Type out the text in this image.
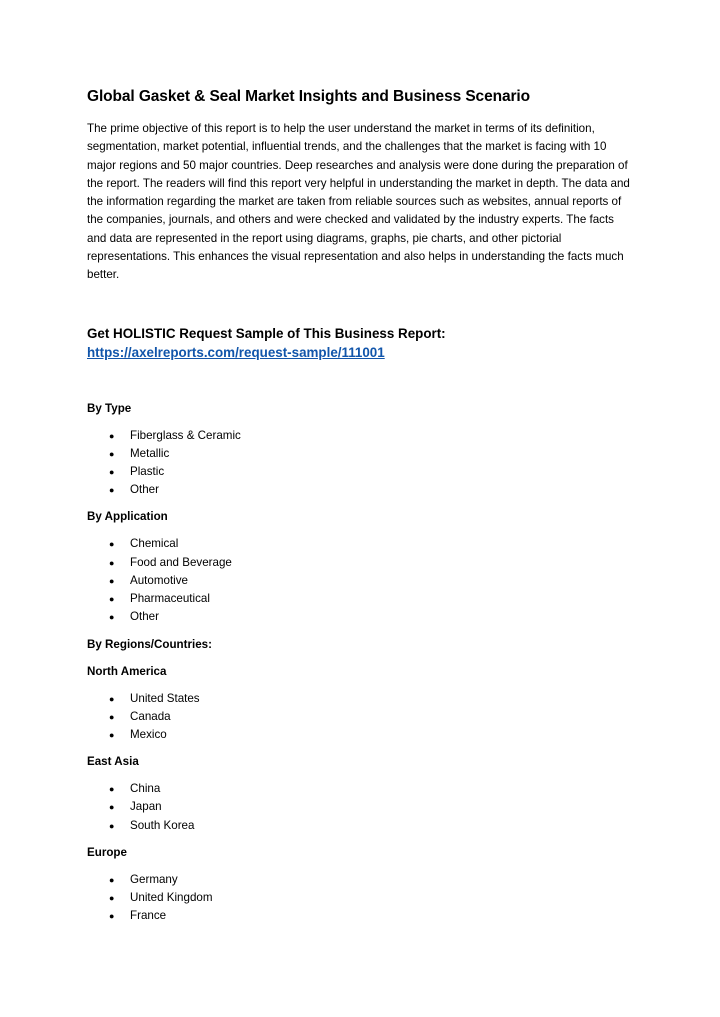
Global Gasket & Seal Market Insights and Business Scenario

The prime objective of this report is to help the user understand the market in terms of its definition, segmentation, market potential, influential trends, and the challenges that the market is facing with 10 major regions and 50 major countries. Deep researches and analysis were done during the preparation of the report. The readers will find this report very helpful in understanding the market in depth. The data and the information regarding the market are taken from reliable sources such as websites, annual reports of the companies, journals, and others and were checked and validated by the industry experts. The facts and data are represented in the report using diagrams, graphs, pie charts, and other pictorial representations. This enhances the visual representation and also helps in understanding the facts much better.

Get HOLISTIC Request Sample of This Business Report:
https://axelreports.com/request-sample/111001

By Type

● Fiberglass & Ceramic
● Metallic
● Plastic
● Other

By Application

● Chemical
● Food and Beverage
● Automotive
● Pharmaceutical
● Other

By Regions/Countries:

North America

● United States
● Canada
● Mexico

East Asia

● China
● Japan
● South Korea

Europe

● Germany
● United Kingdom
● France
